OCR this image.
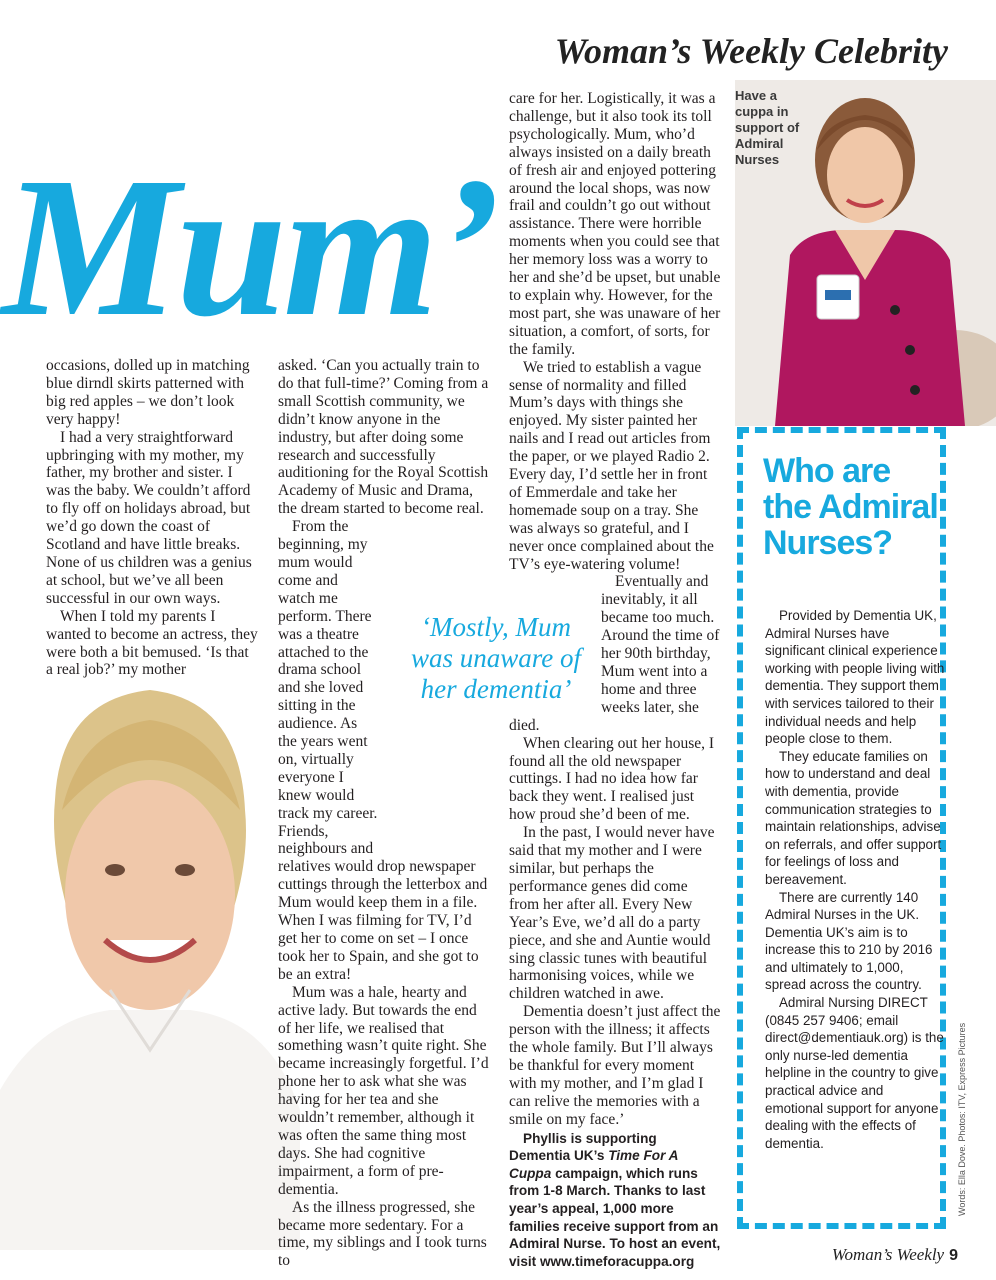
Woman’s Weekly Celebrity
Mum’
Have a cuppa in support of Admiral Nurses

occasions, dolled up in matching blue dirndl skirts patterned with big red apples – we don’t look very happy!

I had a very straightforward upbringing with my mother, my father, my brother and sister. I was the baby. We couldn’t afford to fly off on holidays abroad, but we’d go down the coast of Scotland and have little breaks. None of us children was a genius at school, but we’ve all been successful in our own ways.

When I told my parents I wanted to become an actress, they were both a bit bemused. ‘Is that a real job?’ my mother

asked. ‘Can you actually train to do that full-time?’ Coming from a small Scottish community, we didn’t know anyone in the industry, but after doing some research and successfully auditioning for the Royal Scottish Academy of Music and Drama, the dream started to become real.

From the beginning, my mum would come and watch me perform. There was a theatre attached to the drama school and she loved sitting in the audience. As the years went on, virtually everyone I knew would track my career. Friends, neighbours and relatives would drop newspaper cuttings through the letterbox and Mum would keep them in a file. When I was filming for TV, I’d get her to come on set – I once took her to Spain, and she got to be an extra!

Mum was a hale, hearty and active lady. But towards the end of her life, we realised that something wasn’t quite right. She became increasingly forgetful. I’d phone her to ask what she was having for her tea and she wouldn’t remember, although it was often the same thing most days. She had cognitive impairment, a form of pre-dementia.

As the illness progressed, she became more sedentary. For a time, my siblings and I took turns to

care for her. Logistically, it was a challenge, but it also took its toll psychologically. Mum, who’d always insisted on a daily breath of fresh air and enjoyed pottering around the local shops, was now frail and couldn’t go out without assistance. There were horrible moments when you could see that her memory loss was a worry to her and she’d be upset, but unable to explain why. However, for the most part, she was unaware of her situation, a comfort, of sorts, for the family.

We tried to establish a vague sense of normality and filled Mum’s days with things she enjoyed. My sister painted her nails and I read out articles from the paper, or we played Radio 2. Every day, I’d settle her in front of Emmerdale and take her homemade soup on a tray. She was always so grateful, and I never once complained about the TV’s eye-watering volume!

Eventually and inevitably, it all became too much. Around the time of her 90th birthday, Mum went into a home and three weeks later, she died.

When clearing out her house, I found all the old newspaper cuttings. I had no idea how far back they went. I realised just how proud she’d been of me.

In the past, I would never have said that my mother and I were similar, but perhaps the performance genes did come from her after all. Every New Year’s Eve, we’d all do a party piece, and she and Auntie would sing classic tunes with beautiful harmonising voices, while we children watched in awe.

Dementia doesn’t just affect the person with the illness; it affects the whole family. But I’ll always be thankful for every moment with my mother, and I’m glad I can relive the memories with a smile on my face.’

Phyllis is supporting Dementia UK’s Time For A Cuppa campaign, which runs from 1-8 March. Thanks to last year’s appeal, 1,000 more families receive support from an Admiral Nurse. To host an event, visit www.timeforacuppa.org

‘Mostly, Mum was unaware of her dementia’
Who are the Admiral Nurses?

Provided by Dementia UK, Admiral Nurses have significant clinical experience working with people living with dementia. They support them with services tailored to their individual needs and help people close to them.

They educate families on how to understand and deal with dementia, provide communication strategies to maintain relationships, advise on referrals, and offer support for feelings of loss and bereavement.

There are currently 140 Admiral Nurses in the UK. Dementia UK’s aim is to increase this to 210 by 2016 and ultimately to 1,000, spread across the country.

Admiral Nursing DIRECT (0845 257 9406; email direct@dementiauk.org) is the only nurse-led dementia helpline in the country to give practical advice and emotional support for anyone dealing with the effects of dementia.	Words: Ella Dove. Photos: ITV, Express Pictures
Woman’s Weekly 9
